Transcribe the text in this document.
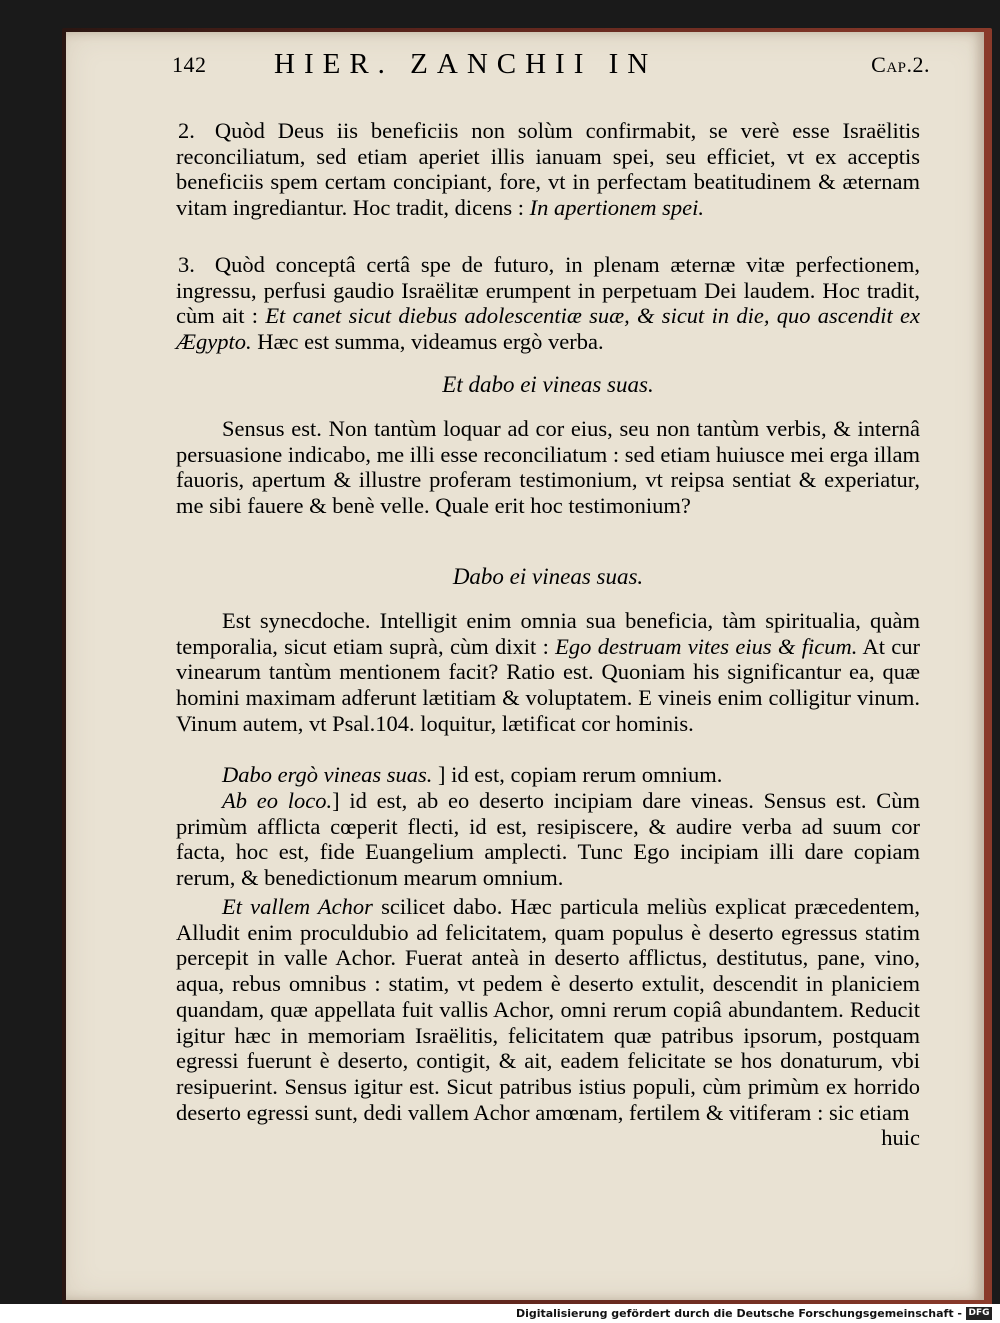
142 HIER. ZANCHII IN	Cap.2.

2. Quòd Deus iis beneficiis non solùm confirmabit, se verè esse Israëlitis reconciliatum, sed etiam aperiet illis ianuam spei, seu efficiet, vt ex acceptis beneficiis spem certam concipiant, fore, vt in perfectam beatitudinem & æternam vitam ingrediantur. Hoc tradit, dicens : In apertionem spei.

3. Quòd conceptâ certâ spe de futuro, in plenam æternæ vitæ perfectionem, ingressu, perfusi gaudio Israëlitæ erumpent in perpetuam Dei laudem. Hoc tradit, cùm ait : Et canet sicut diebus adolescentiæ suæ, & sicut in die, quo ascendit ex Ægypto. Hæc est summa, videamus ergò verba.

Et dabo ei vineas suas.

Sensus est. Non tantùm loquar ad cor eius, seu non tantùm verbis, & internâ persuasione indicabo, me illi esse reconciliatum : sed etiam huiusce mei erga illam fauoris, apertum & illustre proferam testimonium, vt reipsa sentiat & experiatur, me sibi fauere & benè velle. Quale erit hoc testimonium?

Dabo ei vineas suas.

Est synecdoche. Intelligit enim omnia sua beneficia, tàm spiritualia, quàm temporalia, sicut etiam suprà, cùm dixit : Ego destruam vites eius & ficum. At cur vinearum tantùm mentionem facit? Ratio est. Quoniam his significantur ea, quæ homini maximam adferunt lætitiam & voluptatem. E vineis enim colligitur vinum. Vinum autem, vt Psal.104. loquitur, lætificat cor hominis.

Dabo ergò vineas suas. ] id est, copiam rerum omnium.

Ab eo loco.] id est, ab eo deserto incipiam dare vineas. Sensus est. Cùm primùm afflicta cœperit flecti, id est, resipiscere, & audire verba ad suum cor facta, hoc est, fide Euangelium amplecti. Tunc Ego incipiam illi dare copiam rerum, & benedictionum mearum omnium.

Et vallem Achor scilicet dabo. Hæc particula meliùs explicat præcedentem, Alludit enim proculdubio ad felicitatem, quam populus è deserto egressus statim percepit in valle Achor. Fuerat anteà in deserto afflictus, destitutus, pane, vino, aqua, rebus omnibus : statim, vt pedem è deserto extulit, descendit in planiciem quandam, quæ appellata fuit vallis Achor, omni rerum copiâ abundantem. Reducit igitur hæc in memoriam Israëlitis, felicitatem quæ patribus ipsorum, postquam egressi fuerunt è deserto, contigit, & ait, eadem felicitate se hos donaturum, vbi resipuerint. Sensus igitur est. Sicut patribus istius populi, cùm primùm ex horrido deserto egressi sunt, dedi vallem Achor amœnam, fertilem & vitiferam : sic etiam

huic

Digitalisierung gefördert durch die Deutsche Forschungsgemeinschaft - DFG
